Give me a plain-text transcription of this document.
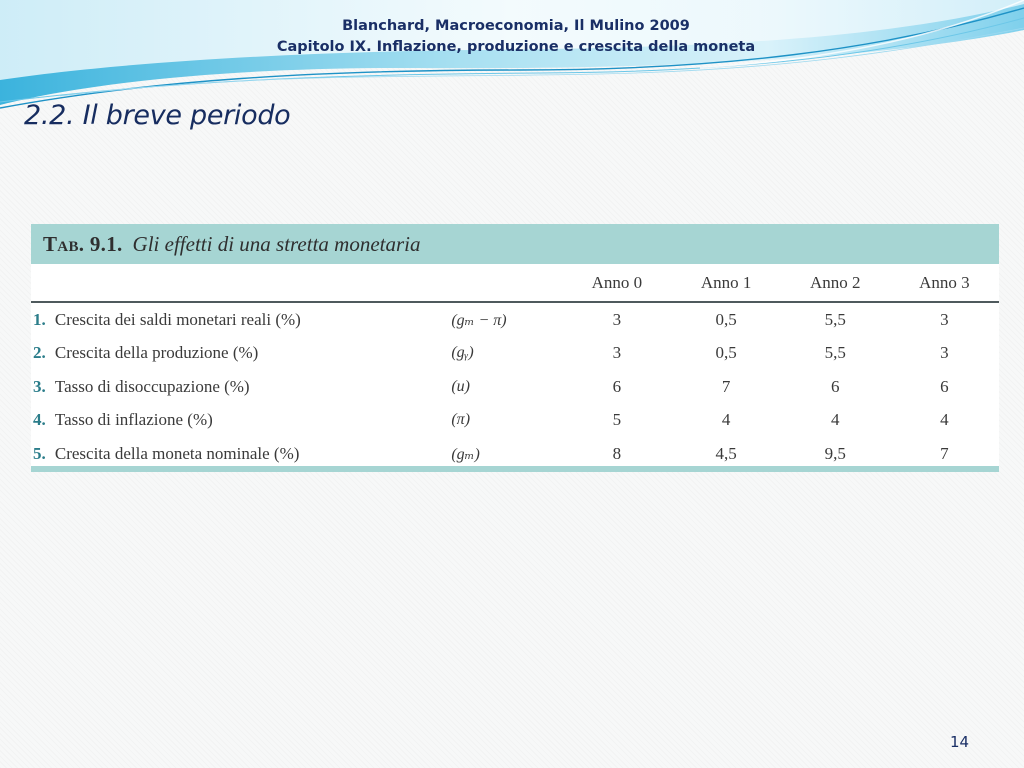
Blanchard, Macroeconomia, Il Mulino 2009
Capitolo IX. Inflazione, produzione e crescita della moneta
2.2. Il breve periodo
Tab. 9.1. Gli effetti di una stretta monetaria
			Anno 0	Anno 1	Anno 2	Anno 3
1.	Crescita dei saldi monetari reali (%)	(gₘ − π)	3	0,5	5,5	3
2.	Crescita della produzione (%)	(gᵧ)	3	0,5	5,5	3
3.	Tasso di disoccupazione (%)	(u)	6	7	6	6
4.	Tasso di inflazione (%)	(π)	5	4	4	4
5.	Crescita della moneta nominale (%)	(gₘ)	8	4,5	9,5	7
14
